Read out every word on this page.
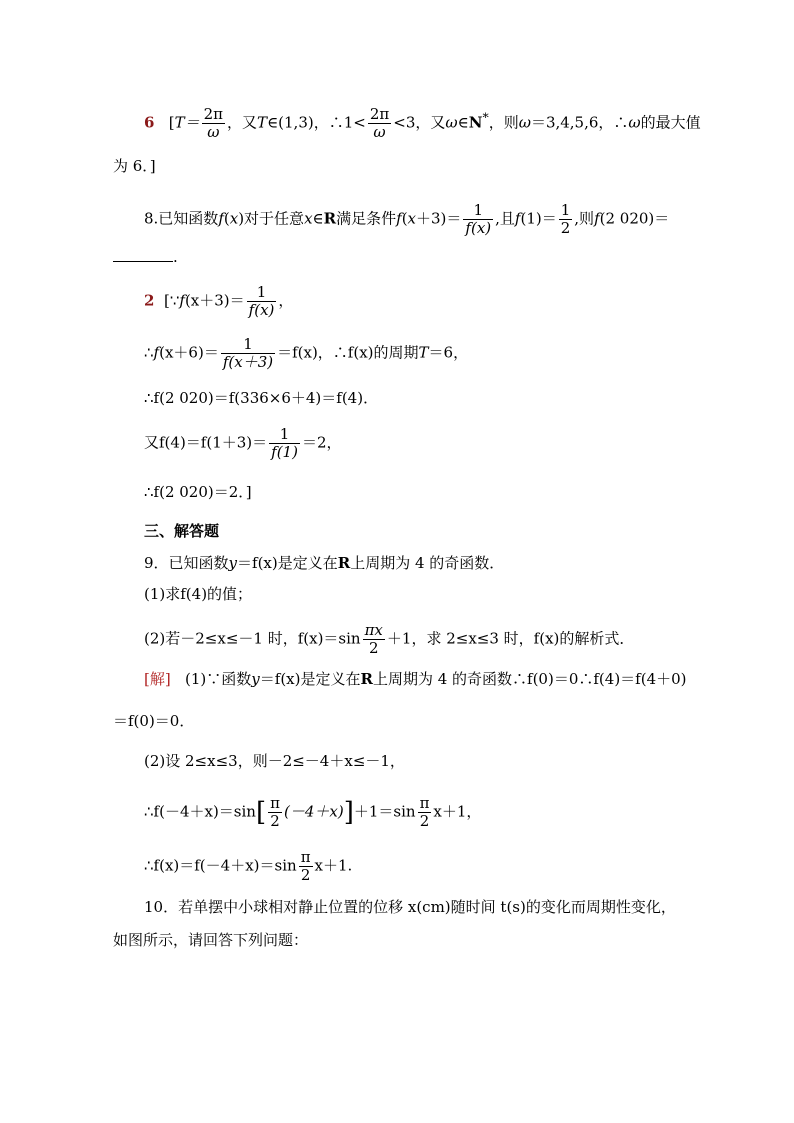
6 [$T= \frac{2\pi}{\omega}$ ，又T∈(1,3)，∴1< $\frac{2\pi}{\omega} <3$，又ω∈N*，则ω＝3,4,5,6，∴ω的最大值
为 6．]
8.已知函数f(x)对于任意x∈R满足条件$f(x+3)= \frac{1}{f(x)}$ ,且$f(1)= \frac{1}{2}$ ,则f(2 020)＝
.
2 [∵f(x＋3)＝ $\frac{1}{f(x)}$ ，
∴f(x＋6)＝ $\frac{1}{f(x+3)} =f(x)$，∴f(x)的周期T＝6，
∴f(2 020)＝f(336×6＋4)＝f(4)．
又$f(4)=f(1+3)= \frac{1}{f(1)} =2$，
∴f(2 020)＝2．]
三、解答题
9．已知函数y＝f(x)是定义在R上周期为 4 的奇函数．
(1)求f(4)的值；
(2)若－2≤x≤－1 时，$f(x)=\sin \frac{\pi x}{2} +1$，求 2≤x≤3 时，f(x)的解析式．
[解] (1)∵函数y＝f(x)是定义在R上周期为 4 的奇函数∴f(0)＝0∴f(4)＝f(4＋0)
＝f(0)＝0．
(2)设 2≤x≤3，则－2≤－4＋x≤－1，
∴f(－4＋x)＝sin[ $\frac{\pi}{2} (-4+x)]+1=\sin \frac{\pi}{2} x+1$，
∴f(x)＝f(－4＋x)＝sin $\frac{\pi}{2} x+1$.
10．若单摆中小球相对静止位置的位移 x(cm)随时间 t(s)的变化而周期性变化，
如图所示，请回答下列问题：
